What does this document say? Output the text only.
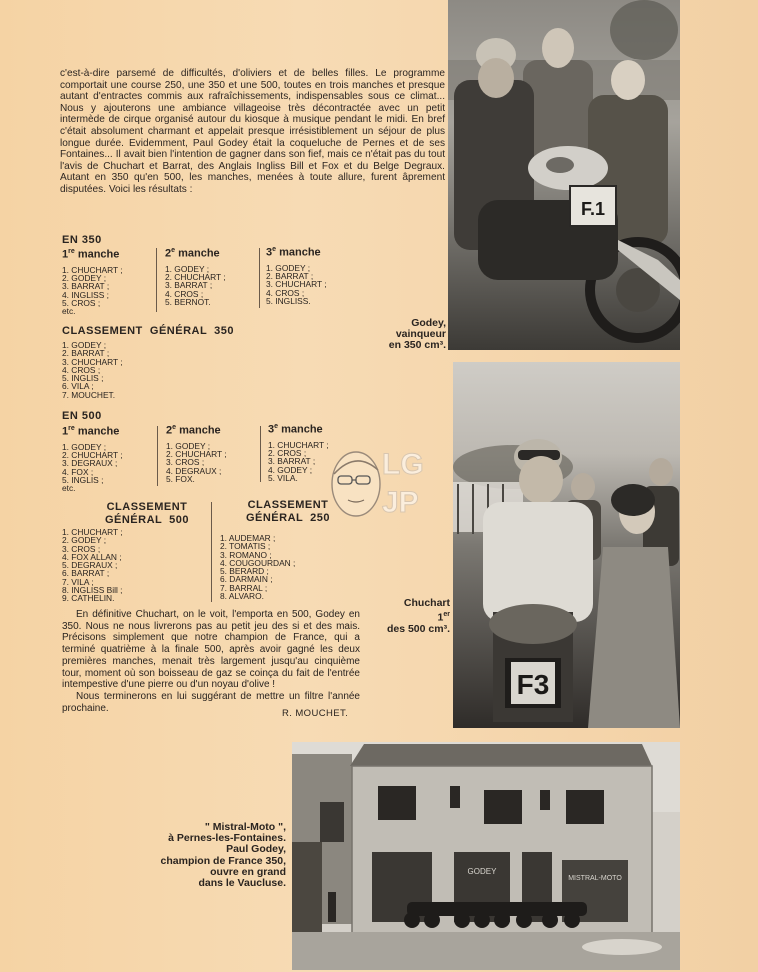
c'est-à-dire parsemé de difficultés, d'oliviers et de belles filles. Le programme comportait une course 250, une 350 et une 500, toutes en trois manches et presque autant d'entractes commis aux rafraîchissements, indispensables sous ce climat... Nous y ajouterons une ambiance villageoise très décontractée avec un petit intermède de cirque organisé autour du kiosque à musique pendant le midi. En bref c'était absolument charmant et appelait presque irrésistiblement un séjour de plus longue durée. Evidemment, Paul Godey était la coqueluche de Pernes et de ses Fontaines... Il avait bien l'intention de gagner dans son fief, mais ce n'était pas du tout l'avis de Chuchart et Barrat, des Anglais Ingliss Bill et Fox et du Belge Degraux. Autant en 350 qu'en 500, les manches, menées à toute allure, furent âprement disputées. Voici les résultats :
EN 350
1re manche
1. CHUCHART ;
2. GODEY ;
3. BARRAT ;
4. INGLISS ;
5. CROS ;
etc.
2e manche
1. GODEY ;
2. CHUCHART ;
3. BARRAT ;
4. CROS ;
5. BERNOT.
3e manche
1. GODEY ;
2. BARRAT ;
3. CHUCHART ;
4. CROS ;
5. INGLISS.
CLASSEMENT  GÉNÉRAL  350
1. GODEY ;
2. BARRAT ;
3. CHUCHART ;
4. CROS ;
5. INGLIS ;
6. VILA ;
7. MOUCHET.
EN 500
1re manche
1. GODEY ;
2. CHUCHART ;
3. DEGRAUX ;
4. FOX ;
5. INGLIS ;
etc.
2e manche
1. GODEY ;
2. CHUCHART ;
3. CROS ;
4. DEGRAUX ;
5. FOX.
3e manche
1. CHUCHART ;
2. CROS ;
3. BARRAT ;
4. GODEY ;
5. VILA.	LG
JP
CLASSEMENT
GÉNÉRAL  500
1. CHUCHART ;
2. GODEY ;
3. CROS ;
4. FOX ALLAN ;
5. DEGRAUX ;
6. BARRAT ;
7. VILA ;
8. INGLISS Bill ;
9. CATHELIN.
CLASSEMENT
GÉNÉRAL  250
1. AUDEMAR ;
2. TOMATIS ;
3. ROMANO ;
4. COUGOURDAN ;
5. BERARD ;
6. DARMAIN ;
7. BARRAL ;
8. ALVARO.

En définitive Chuchart, on le voit, l'emporta en 500, Godey en 350. Nous ne nous livrerons pas au petit jeu des si et des mais. Précisons simplement que notre champion de France, qui a terminé quatrième à la finale 500, après avoir gagné les deux premières manches, menait très largement jusqu'au cinquième tour, moment où son boisseau de gaz se coinça du fait de l'entrée intempestive d'une pierre ou d'un noyau d'olive !

Nous terminerons en lui suggérant de mettre un filtre l'année prochaine.	R. MOUCHET.
F.1
Godey,
vainqueur
en 350 cm³.
F3
Chuchart
1er
des 500 cm³.
GODEY
MISTRAL-MOTO
" Mistral-Moto ",
à Pernes-les-Fontaines.
Paul Godey,
champion de France 350,
ouvre en grand
dans le Vaucluse.
